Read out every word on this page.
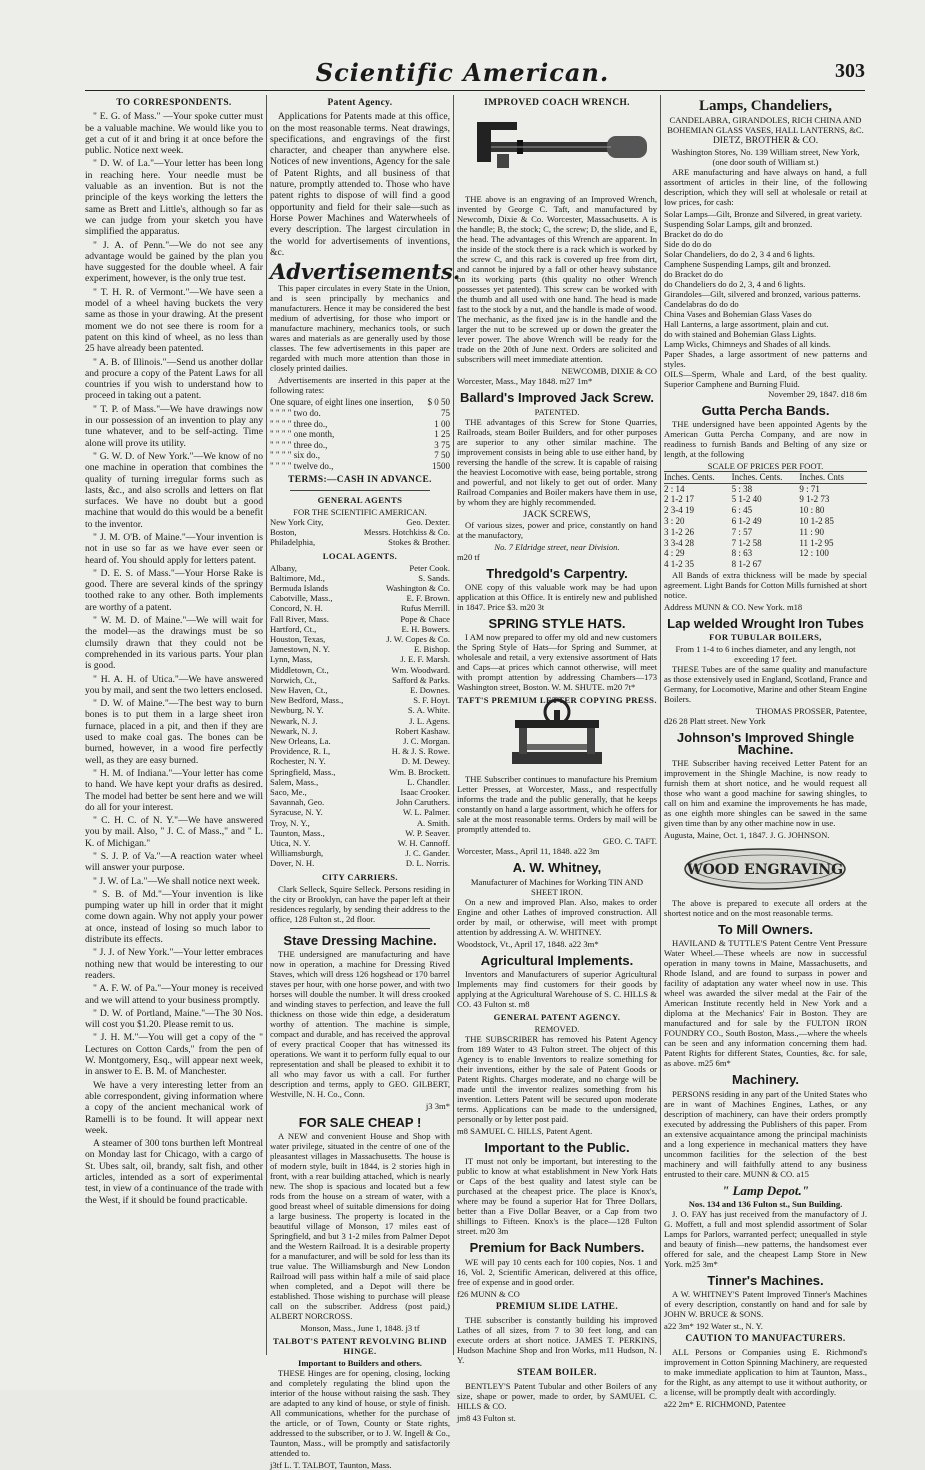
Scientific American.	303
TO CORRESPONDENTS.

" E. G. of Mass." —Your spoke cutter must be a valuable machine. We would like you to get a cut of it and bring it at once before the public. Notice next week.

" D. W. of La."—Your letter has been long in reaching here. Your needle must be valuable as an invention. But is not the principle of the keys working the letters the same as Brett and Little's, although so far as we can judge from your sketch you have simplified the apparatus.

" J. A. of Penn."—We do not see any advantage would be gained by the plan you have suggested for the double wheel. A fair experiment, however, is the only true test.

" T. H. R. of Vermont."—We have seen a model of a wheel having buckets the very same as those in your drawing. At the present moment we do not see there is room for a patent on this kind of wheel, as no less than 25 have already been patented.

" A. B. of Illinois."—Send us another dollar and procure a copy of the Patent Laws for all countries if you wish to understand how to proceed in taking out a patent.

" T. P. of Mass."—We have drawings now in our possession of an invention to play any tune whatever, and to be self-acting. Time alone will prove its utility.

" G. W. D. of New York."—We know of no one machine in operation that combines the quality of turning irregular forms such as lasts, &c., and also scrolls and letters on flat surfaces. We have no doubt but a good machine that would do this would be a benefit to the inventor.

" J. M. O'B. of Maine."—Your invention is not in use so far as we have ever seen or heard of. You should apply for letters patent.

" D. E. S. of Mass."—Your Horse Rake is good. There are several kinds of the springy toothed rake to any other. Both implements are worthy of a patent.

" W. M. D. of Maine."—We will wait for the model—as the drawings must be so clumsily drawn that they could not be comprehended in its various parts. Your plan is good.

" H. A. H. of Utica."—We have answered you by mail, and sent the two letters enclosed.

" D. W. of Maine."—The best way to burn bones is to put them in a large sheet iron furnace, placed in a pit, and then if they are used to make coal gas. The bones can be burned, however, in a wood fire perfectly well, as they are easy burned.

" H. M. of Indiana."—Your letter has come to hand. We have kept your drafts as desired. The model had better be sent here and we will do all for your interest.

" C. H. C. of N. Y."—We have answered you by mail. Also, " J. C. of Mass.," and " L. K. of Michigan."

" S. J. P. of Va."—A reaction water wheel will answer your purpose.

" J. W. of La."—We shall notice next week.

" S. B. of Md."—Your invention is like pumping water up hill in order that it might come down again. Why not apply your power at once, instead of losing so much labor to distribute its effects.

" J. J. of New York."—Your letter embraces nothing new that would be interesting to our readers.

" A. F. W. of Pa."—Your money is received and we will attend to your business promptly.

" D. W. of Portland, Maine."—The 30 Nos. will cost you $1.20. Please remit to us.

" J. H. M."—You will get a copy of the " Lectures on Cotton Cards," from the pen of W. Montgomery, Esq., will appear next week, in answer to E. B. M. of Manchester.

We have a very interesting letter from an able correspondent, giving information where a copy of the ancient mechanical work of Ramelli is to be found. It will appear next week.

A steamer of 300 tons burthen left Montreal on Monday last for Chicago, with a cargo of St. Ubes salt, oil, brandy, salt fish, and other articles, intended as a sort of experimental test, in view of a continuance of the trade with the West, if it should be found practicable.

Patent Agency.

Applications for Patents made at this office, on the most reasonable terms. Neat drawings, specifications, and engravings of the first character, and cheaper than anywhere else. Notices of new inventions, Agency for the sale of Patent Rights, and all business of that nature, promptly attended to. Those who have patent rights to dispose of will find a good opportunity and field for their sale—such as Horse Power Machines and Waterwheels of every description. The largest circulation in the world for advertisements of inventions, &c.

Advertisements.

This paper circulates in every State in the Union, and is seen principally by mechanics and manufacturers. Hence it may be considered the best medium of advertising, for those who import or manufacture machinery, mechanics tools, or such wares and materials as are generally used by those classes. The few advertisements in this paper are regarded with much more attention than those in closely printed dailies.

Advertisements are inserted in this paper at the following rates:

One square, of eight lines one insertion, $ 0 50
" " " " two do.	75
" " " " three do.,	1 00
" " " " one month,	1 25
" " " " three do.,	3 75
" " " " six do.,	7 50
" " " " twelve do.,	1500
TERMS:—CASH IN ADVANCE.
GENERAL AGENTS
FOR THE SCIENTIFIC AMERICAN.
New York City,	Geo. Dexter.
Boston,	Messrs. Hotchkiss & Co.
Philadelphia,	Stokes & Brother.
LOCAL AGENTS.
Albany,	Peter Cook.
Baltimore, Md.,	S. Sands.
Bermuda Islands	Washington & Co.
Cabotville, Mass.,	E. F. Brown.
Concord, N. H.	Rufus Merrill.
Fall River, Mass.	Pope & Chace
Hartford, Ct.,	E. H. Bowers.
Houston, Texas,	J. W. Copes & Co.
Jamestown, N. Y.	E. Bishop.
Lynn, Mass,	J. E. F. Marsh.
Middletown, Ct.,	Wm. Woodward.
Norwich, Ct.,	Safford & Parks.
New Haven, Ct.,	E. Downes.
New Bedford, Mass.,	S. F. Hoyt.
Newburg, N. Y.	S. A. White.
Newark, N. J.	J. L. Agens.
Newark, N. J.	Robert Kashaw.
New Orleans, La.	J. C. Morgan.
Providence, R. I.,	H. & J. S. Rowe.
Rochester, N. Y.	D. M. Dewey.
Springfield, Mass.,	Wm. B. Brockett.
Salem, Mass.,	L. Chandler.
Saco, Me.,	Isaac Crooker.
Savannah, Geo.	John Caruthers.
Syracuse, N. Y.	W. L. Palmer.
Troy, N. Y.,	A. Smith.
Taunton, Mass.,	W. P. Seaver.
Utica, N. Y.	W. H. Cannoff.
Williamsburgh,	J. C. Gander.
Dover, N. H.	D. L. Norris.
CITY CARRIERS.

Clark Selleck, Squire Selleck. Persons residing in the city or Brooklyn, can have the paper left at their residences regularly, by sending their address to the office, 128 Fulton st., 2d floor.

Stave Dressing Machine.

THE undersigned are manufacturing and have now in operation, a machine for Dressing Rived Staves, which will dress 126 hogshead or 170 barrel staves per hour, with one horse power, and with two horses will double the number. It will dress crooked and winding staves to perfection, and leave the full thickness on those wide thin edge, a desideratum worthy of attention. The machine is simple, compact and durable, and has received the approval of every practical Cooper that has witnessed its operations. We want it to perform fully equal to our representation and shall be pleased to exhibit it to all who may favor us with a call. For further description and terms, apply to GEO. GILBERT, Westville, N. H. Co., Conn.

j3 3m*
FOR SALE CHEAP !

A NEW and convenient House and Shop with water privilege, situated in the centre of one of the pleasantest villages in Massachusetts. The house is of modern style, built in 1844, is 2 stories high in front, with a rear building attached, which is nearly new. The shop is spacious and located but a few rods from the house on a stream of water, with a good breast wheel of suitable dimensions for doing a large business. The property is located in the beautiful village of Monson, 17 miles east of Springfield, and but 3 1-2 miles from Palmer Depot and the Western Railroad. It is a desirable property for a manufacturer, and will be sold for less than its true value. The Williamsburgh and New London Railroad will pass within half a mile of said place when completed, and a Depot will there be established. Those wishing to purchase will please call on the subscriber. Address (post paid,) ALBERT NORCROSS.

Monson, Mass., June 1, 1848. j3 tf
TALBOT'S PATENT REVOLVING BLIND HINGE.
Important to Builders and others.

THESE Hinges are for opening, closing, locking and completely regulating the blind upon the interior of the house without raising the sash. They are adapted to any kind of house, or style of finish. All communications, whether for the purchase of the article, or of Town, County or State rights, addressed to the subscriber, or to J. W. Ingell & Co., Taunton, Mass., will be promptly and satisfactorily attended to.

j3tf L. T. TALBOT, Taunton, Mass.
IMPROVED COACH WRENCH.

THE above is an engraving of an Improved Wrench, invented by George C. Taft, and manufactured by Newcomb, Dixie & Co. Worcester, Massachusetts. A is the handle; B, the stock; C, the screw; D, the slide, and E, the head. The advantages of this Wrench are apparent. In the inside of the stock there is a rack which is worked by the screw C, and this rack is covered up free from dirt, and cannot be injured by a fall or other heavy substance on its working parts (this quality no other Wrench possesses yet patented). This screw can be worked with the thumb and all used with one hand. The head is made fast to the stock by a nut, and the handle is made of wood. The mechanic, as the fixed jaw is in the handle and the larger the nut to be screwed up or down the greater the lever power. The above Wrench will be ready for the trade on the 20th of June next. Orders are solicited and subscribers will meet immediate attention.

NEWCOMB, DIXIE & CO
Worcester, Mass., May 1848. m27 1m*
Ballard's Improved Jack Screw.
PATENTED.

THE advantages of this Screw for Stone Quarries, Railroads, steam Boiler Builders, and for other purposes are superior to any other similar machine. The improvement consists in being able to use either hand, by reversing the handle of the screw. It is capable of raising the heaviest Locomotive with ease, being portable, strong and powerful, and not likely to get out of order. Many Railroad Companies and Boiler makers have them in use, by whom they are highly recommended.

JACK SCREWS,

Of various sizes, power and price, constantly on hand at the manufactory,

No. 7 Eldridge street, near Division.
m20 tf
Thredgold's Carpentry.

ONE copy of this valuable work may be had upon application at this Office. It is entirely new and published in 1847. Price $3. m20 3t

SPRING STYLE HATS.

I AM now prepared to offer my old and new customers the Spring Style of Hats—for Spring and Summer, at wholesale and retail, a very extensive assortment of Hats and Caps—at prices which cannot otherwise, will meet with prompt attention by addressing Chambers—173 Washington street, Boston. W. M. SHUTE. m20 7t*

TAFT'S PREMIUM LETTER COPYING PRESS.

THE Subscriber continues to manufacture his Premium Letter Presses, at Worcester, Mass., and respectfully informs the trade and the public generally, that he keeps constantly on hand a large assortment, which he offers for sale at the most reasonable terms. Orders by mail will be promptly attended to.

GEO. C. TAFT.
Worcester, Mass., April 11, 1848. a22 3m
A. W. Whitney,
Manufacturer of Machines for Working TIN AND SHEET IRON.

On a new and improved Plan. Also, makes to order Engine and other Lathes of improved construction. All order by mail, or otherwise, will meet with prompt attention by addressing A. W. WHITNEY.

Woodstock, Vt., April 17, 1848. a22 3m*
Agricultural Implements.

Inventors and Manufacturers of superior Agricultural Implements may find customers for their goods by applying at the Agricultural Warehouse of S. C. HILLS & CO. 43 Fulton st. m8

GENERAL PATENT AGENCY.
REMOVED.

THE SUBSCRIBER has removed his Patent Agency from 189 Water to 43 Fulton street. The object of this Agency is to enable Inventors to realize something for their inventions, either by the sale of Patent Goods or Patent Rights. Charges moderate, and no charge will be made until the inventor realizes something from his invention. Letters Patent will be secured upon moderate terms. Applications can be made to the undersigned, personally or by letter post paid.

m8 SAMUEL C. HILLS, Patent Agent.
Important to the Public.

IT must not only be important, but interesting to the public to know at what establishment in New York Hats or Caps of the best quality and latest style can be purchased at the cheapest price. The place is Knox's, where may be found a superior Hat for Three Dollars, better than a Five Dollar Beaver, or a Cap from two shillings to Fifteen. Knox's is the place—128 Fulton street. m20 3m

Premium for Back Numbers.

WE will pay 10 cents each for 100 copies, Nos. 1 and 16, Vol. 2, Scientific American, delivered at this office, free of expense and in good order.

f26 MUNN & CO
PREMIUM SLIDE LATHE.

THE subscriber is constantly building his improved Lathes of all sizes, from 7 to 30 feet long, and can execute orders at short notice. JAMES T. PERKINS, Hudson Machine Shop and Iron Works, m11 Hudson, N. Y.

STEAM BOILER.

BENTLEY'S Patent Tubular and other Boilers of any size, shape or power, made to order, by SAMUEL C. HILLS & CO.

jm8 43 Fulton st.
Lamps, Chandeliers,
CANDELABRA, GIRANDOLES, RICH CHINA AND BOHEMIAN GLASS VASES, HALL LANTERNS, &C.
DIETZ, BROTHER & CO.
Washington Stores, No. 139 William street, New York, (one door south of William st.)

ARE manufacturing and have always on hand, a full assortment of articles in their line, of the following description, which they will sell at wholesale or retail at low prices, for cash:

Solar Lamps—Gilt, Bronze and Silvered, in great variety.
Suspending Solar Lamps, gilt and bronzed.
Bracket do do do
Side do do do
Solar Chandeliers, do do 2, 3 4 and 6 lights.
Camphene Suspending Lamps, gilt and bronzed.
do Bracket do do
do Chandeliers do do 2, 3, 4 and 6 lights.
Girandoles—Gilt, silvered and bronzed, various patterns.
Candelabras do do do
China Vases and Bohemian Glass Vases do
Hall Lanterns, a large assortment, plain and cut.
do with stained and Bohemian Glass Lights.
Lamp Wicks, Chimneys and Shades of all kinds.
Paper Shades, a large assortment of new patterns and styles.
OILS—Sperm, Whale and Lard, of the best quality. Superior Camphene and Burning Fluid.
November 29, 1847. d18 6m
Gutta Percha Bands.

THE undersigned have been appointed Agents by the American Gutta Percha Company, and are now in readiness to furnish Bands and Belting of any size or length, at the following

SCALE OF PRICES PER FOOT.
Inches. Cents.	Inches. Cents.	Inches. Cnts
2 : 14	5 : 38	9 : 71
2 1-2 17	5 1-2 40	9 1-2 73
2 3-4 19	6 : 45	10 : 80
3 : 20	6 1-2 49	10 1-2 85
3 1-2 26	7 : 57	11 : 90
3 3-4 28	7 1-2 58	11 1-2 95
4 : 29	8 : 63	12 : 100
4 1-2 35	8 1-2 67

All Bands of extra thickness will be made by special agreement. Light Bands for Cotton Mills furnished at short notice.

Address MUNN & CO. New York. m18
Lap welded Wrought Iron Tubes
FOR TUBULAR BOILERS,
From 1 1-4 to 6 inches diameter, and any length, not exceeding 17 feet.

THESE Tubes are of the same quality and manufacture as those extensively used in England, Scotland, France and Germany, for Locomotive, Marine and other Steam Engine Boilers.

THOMAS PROSSER, Patentee,
d26 28 Platt street. New York
Johnson's Improved Shingle Machine.

THE Subscriber having received Letter Patent for an improvement in the Shingle Machine, is now ready to furnish them at short notice, and he would request all those who want a good machine for sawing shingles, to call on him and examine the improvements he has made, as one eighth more shingles can be sawed in the same given time than by any other machine now in use.

Augusta, Maine, Oct. 1, 1847. J. G. JOHNSON.
WOOD ENGRAVING

The above is prepared to execute all orders at the shortest notice and on the most reasonable terms.

To Mill Owners.

HAVILAND & TUTTLE'S Patent Centre Vent Pressure Water Wheel.—These wheels are now in successful operation in many towns in Maine, Massachusetts, and Rhode Island, and are found to surpass in power and facility of adaptation any water wheel now in use. This wheel was awarded the silver medal at the Fair of the American Institute recently held in New York and a diploma at the Mechanics' Fair in Boston. They are manufactured and for sale by the FULTON IRON FOUNDRY CO., South Boston, Mass.,—where the wheels can be seen and any information concerning them had. Patent Rights for different States, Counties, &c. for sale, as above. m25 6m*

Machinery.

PERSONS residing in any part of the United States who are in want of Machines Engines, Lathes, or any description of machinery, can have their orders promptly executed by addressing the Publishers of this paper. From an extensive acquaintance among the principal machinists and a long experience in mechanical matters they have uncommon facilities for the selection of the best machinery and will faithfully attend to any business entrusted to their care. MUNN & CO. a15

" Lamp Depot."
Nos. 134 and 136 Fulton st., Sun Building.

J. O. FAY has just received from the manufactory of J. G. Moffett, a full and most splendid assortment of Solar Lamps for Parlors, warranted perfect; unequalled in style and beauty of finish—new patterns, the handsomest ever offered for sale, and the cheapest Lamp Store in New York. m25 3m*

Tinner's Machines.

A W. WHITNEY'S Patent Improved Tinner's Machines of every description, constantly on hand and for sale by JOHN W. BRUCE & SONS.

a22 3m* 192 Water st., N. Y.
CAUTION TO MANUFACTURERS.

ALL Persons or Companies using E. Richmond's improvement in Cotton Spinning Machinery, are requested to make immediate application to him at Taunton, Mass., for the Right, as any attempt to use it without authority, or a license, will be promptly dealt with accordingly.

a22 2m* E. RICHMOND, Patentee
